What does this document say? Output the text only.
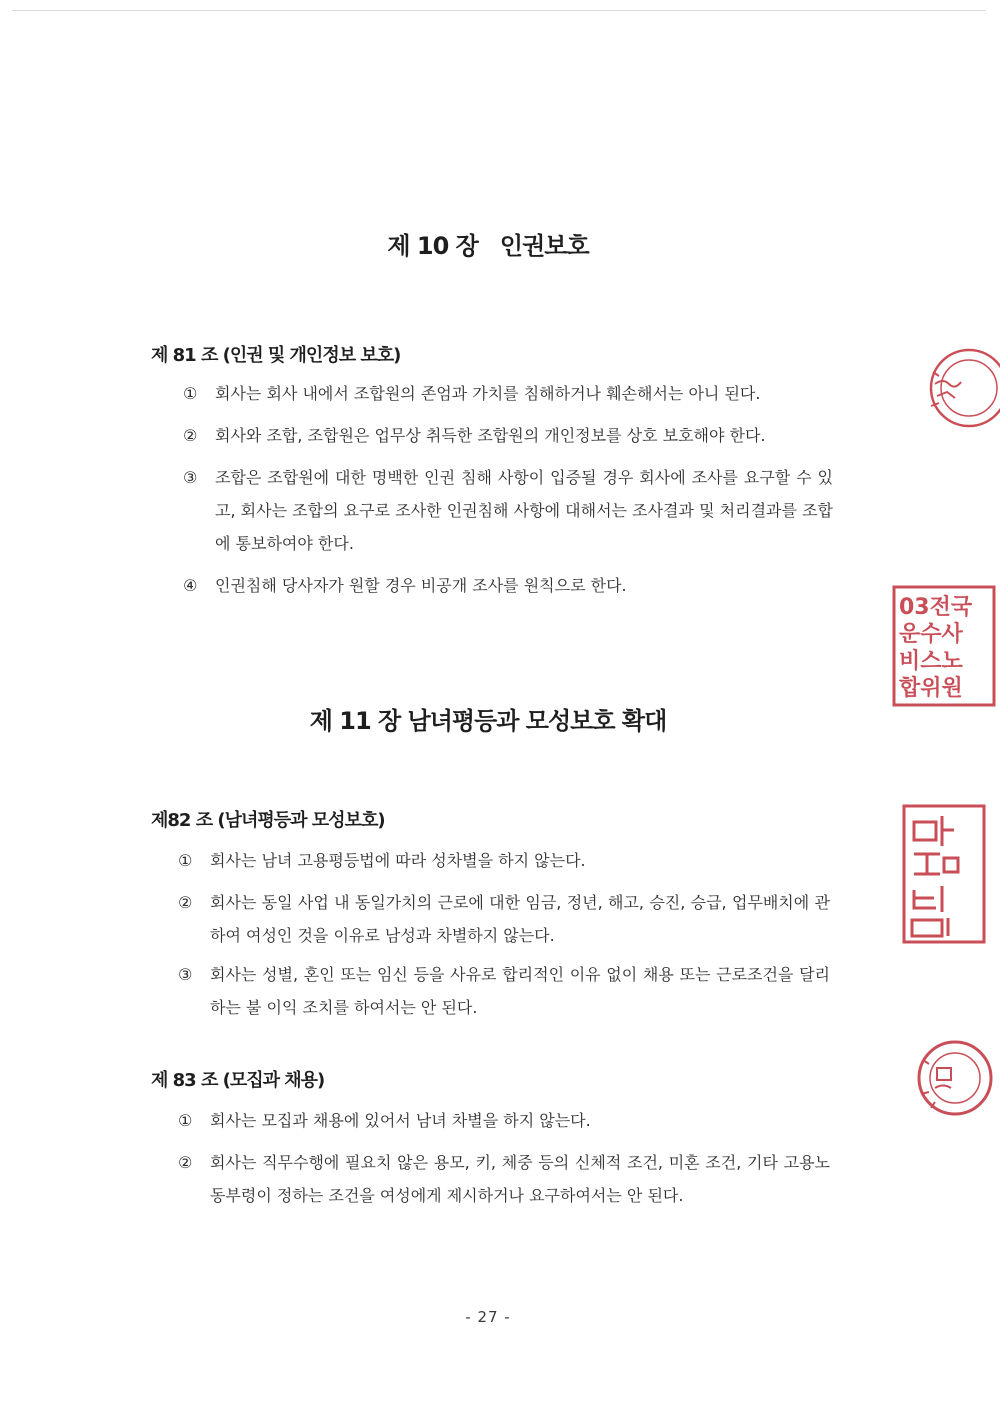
제 10 장   인권보호
제 81 조 (인권 및 개인정보 보호)
①	회사는 회사 내에서 조합원의 존엄과 가치를 침해하거나 훼손해서는 아니 된다.
②	회사와 조합, 조합원은 업무상 취득한 조합원의 개인정보를 상호 보호해야 한다.
③	조합은 조합원에 대한 명백한 인권 침해 사항이 입증될 경우 회사에 조사를 요구할 수 있고, 회사는 조합의 요구로 조사한 인권침해 사항에 대해서는 조사결과 및 처리결과를 조합에 통보하여야 한다.
④	인권침해 당사자가 원할 경우 비공개 조사를 원칙으로 한다.
제 11 장 남녀평등과 모성보호 확대
제82 조 (남녀평등과 모성보호)
①	회사는 남녀 고용평등법에 따라 성차별을 하지 않는다.
②	회사는 동일 사업 내 동일가치의 근로에 대한 임금, 정년, 해고, 승진, 승급, 업무배치에 관하여 여성인 것을 이유로 남성과 차별하지 않는다.
③	회사는 성별, 혼인 또는 임신 등을 사유로 합리적인 이유 없이 채용 또는 근로조건을 달리하는 불 이익 조치를 하여서는 안 된다.
제 83 조 (모집과 채용)
①	회사는 모집과 채용에 있어서 남녀 차별을 하지 않는다.
②	회사는 직무수행에 필요치 않은 용모, 키, 체중 등의 신체적 조건, 미혼 조건, 기타 고용노동부령이 정하는 조건을 여성에게 제시하거나 요구하여서는 안 된다.
- 27 -
03전국
운수사
비스노
합위원
